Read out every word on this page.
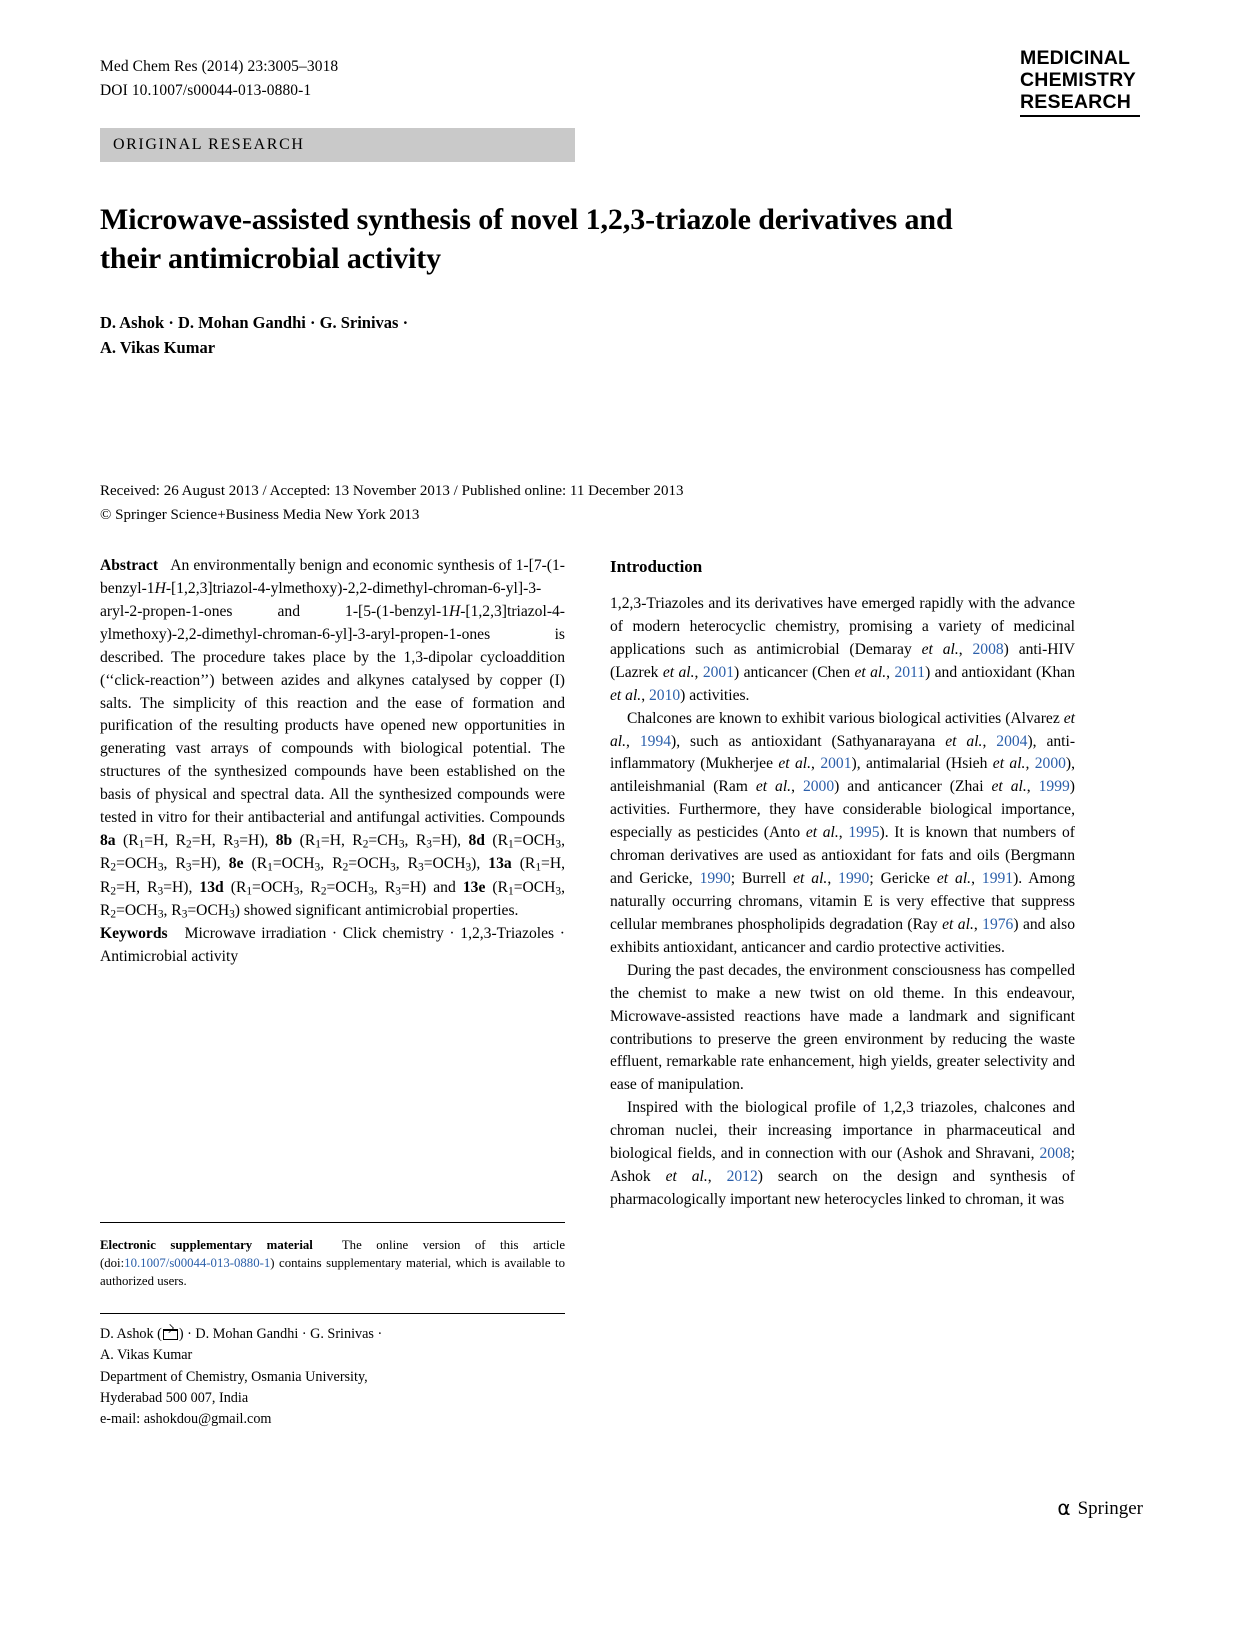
Med Chem Res (2014) 23:3005–3018
DOI 10.1007/s00044-013-0880-1
MEDICINAL
CHEMISTRY
RESEARCH
ORIGINAL RESEARCH
Microwave-assisted synthesis of novel 1,2,3-triazole derivatives and their antimicrobial activity
D. Ashok · D. Mohan Gandhi · G. Srinivas ·
A. Vikas Kumar
Received: 26 August 2013 / Accepted: 13 November 2013 / Published online: 11 December 2013
© Springer Science+Business Media New York 2013

Abstract An environmentally benign and economic synthesis of 1-[7-(1-benzyl-1H-[1,2,3]triazol-4-ylmethoxy)-2,2-dimethyl-chroman-6-yl]-3-aryl-2-propen-1-ones and 1-[5-(1-benzyl-1H-[1,2,3]triazol-4-ylmethoxy)-2,2-dimethyl-chroman-6-yl]-3-aryl-propen-1-ones is described. The procedure takes place by the 1,3-dipolar cycloaddition (‘‘click-reaction’’) between azides and alkynes catalysed by copper (I) salts. The simplicity of this reaction and the ease of formation and purification of the resulting products have opened new opportunities in generating vast arrays of compounds with biological potential. The structures of the synthesized compounds have been established on the basis of physical and spectral data. All the synthesized compounds were tested in vitro for their antibacterial and antifungal activities. Compounds 8a ($R_1=H$, $R_2=H$, $R_3=H$), 8b ($R_1=H$, $R_2=CH_3$, $R_3=H$), 8d ($R_1=OCH_3$, $R_2=OCH_3$, $R_3=H$), 8e ($R_1=OCH_3$, $R_2=OCH_3$, $R_3=OCH_3$), 13a ($R_1=H$, $R_2=H$, $R_3=H$), 13d ($R_1=OCH_3$, $R_2=OCH_3$, $R_3=H$) and 13e ($R_1=OCH_3$, $R_2=OCH_3$, $R_3=OCH_3$) showed significant antimicrobial properties.

Keywords Microwave irradiation · Click chemistry · 1,2,3-Triazoles · Antimicrobial activity

Introduction

1,2,3-Triazoles and its derivatives have emerged rapidly with the advance of modern heterocyclic chemistry, promising a variety of medicinal applications such as antimicrobial (Demaray et al., 2008) anti-HIV (Lazrek et al., 2001) anticancer (Chen et al., 2011) and antioxidant (Khan et al., 2010) activities.

Chalcones are known to exhibit various biological activities (Alvarez et al., 1994), such as antioxidant (Sathyanarayana et al., 2004), anti-inflammatory (Mukherjee et al., 2001), antimalarial (Hsieh et al., 2000), antileishmanial (Ram et al., 2000) and anticancer (Zhai et al., 1999) activities. Furthermore, they have considerable biological importance, especially as pesticides (Anto et al., 1995). It is known that numbers of chroman derivatives are used as antioxidant for fats and oils (Bergmann and Gericke, 1990; Burrell et al., 1990; Gericke et al., 1991). Among naturally occurring chromans, vitamin E is very effective that suppress cellular membranes phospholipids degradation (Ray et al., 1976) and also exhibits antioxidant, anticancer and cardio protective activities.

During the past decades, the environment consciousness has compelled the chemist to make a new twist on old theme. In this endeavour, Microwave-assisted reactions have made a landmark and significant contributions to preserve the green environment by reducing the waste effluent, remarkable rate enhancement, high yields, greater selectivity and ease of manipulation.

Inspired with the biological profile of 1,2,3 triazoles, chalcones and chroman nuclei, their increasing importance in pharmaceutical and biological fields, and in connection with our (Ashok and Shravani, 2008; Ashok et al., 2012) search on the design and synthesis of pharmacologically important new heterocycles linked to chroman, it was

Electronic supplementary material The online version of this article (doi:10.1007/s00044-013-0880-1) contains supplementary material, which is available to authorized users.

D. Ashok ( ) · D. Mohan Gandhi · G. Srinivas ·
A. Vikas Kumar
Department of Chemistry, Osmania University,
Hyderabad 500 007, India
e-mail: ashokdou@gmail.com
⍺ Springer
